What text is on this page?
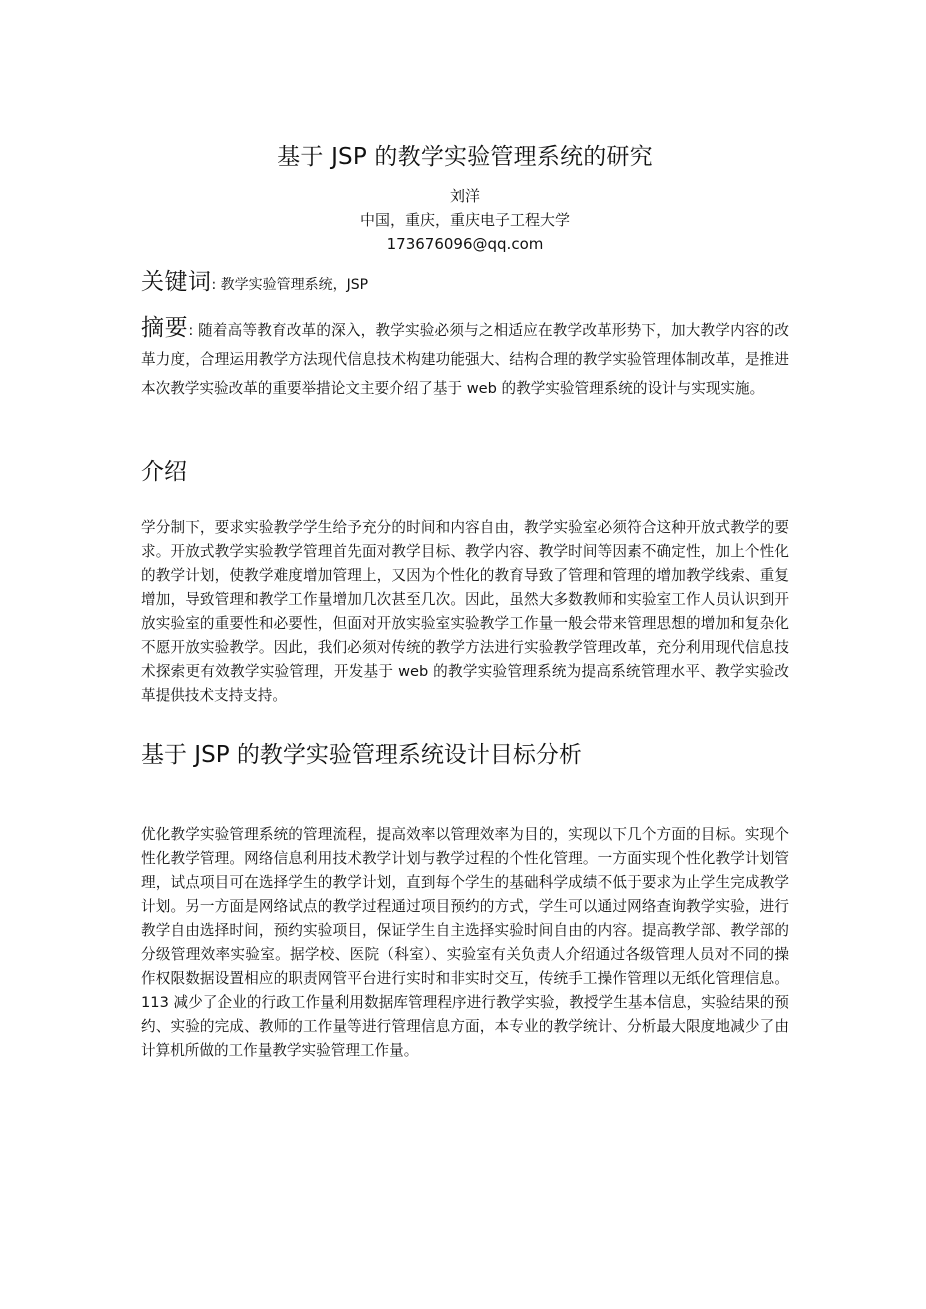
基于 JSP 的教学实验管理系统的研究
刘洋
中国，重庆，重庆电子工程大学
173676096@qq.com
关键词: 教学实验管理系统，JSP
摘要: 随着高等教育改革的深入，教学实验必须与之相适应在教学改革形势下，加大教学内容的改革力度，合理运用教学方法现代信息技术构建功能强大、结构合理的教学实验管理体制改革，是推进本次教学实验改革的重要举措论文主要介绍了基于 web 的教学实验管理系统的设计与实现实施。
介绍
学分制下，要求实验教学学生给予充分的时间和内容自由，教学实验室必须符合这种开放式教学的要求。开放式教学实验教学管理首先面对教学目标、教学内容、教学时间等因素不确定性，加上个性化的教学计划，使教学难度增加管理上，又因为个性化的教育导致了管理和管理的增加教学线索、重复增加，导致管理和教学工作量增加几次甚至几次。因此，虽然大多数教师和实验室工作人员认识到开放实验室的重要性和必要性，但面对开放实验室实验教学工作量一般会带来管理思想的增加和复杂化不愿开放实验教学。因此，我们必须对传统的教学方法进行实验教学管理改革，充分利用现代信息技术探索更有效教学实验管理，开发基于 web 的教学实验管理系统为提高系统管理水平、教学实验改革提供技术支持支持。
基于 JSP 的教学实验管理系统设计目标分析
优化教学实验管理系统的管理流程，提高效率以管理效率为目的，实现以下几个方面的目标。实现个性化教学管理。网络信息利用技术教学计划与教学过程的个性化管理。一方面实现个性化教学计划管理，试点项目可在选择学生的教学计划，直到每个学生的基础科学成绩不低于要求为止学生完成教学计划。另一方面是网络试点的教学过程通过项目预约的方式，学生可以通过网络查询教学实验，进行教学自由选择时间，预约实验项目，保证学生自主选择实验时间自由的内容。提高教学部、教学部的分级管理效率实验室。据学校、医院（科室）、实验室有关负责人介绍通过各级管理人员对不同的操作权限数据设置相应的职责网管平台进行实时和非实时交互，传统手工操作管理以无纸化管理信息。113 减少了企业的行政工作量利用数据库管理程序进行教学实验，教授学生基本信息，实验结果的预约、实验的完成、教师的工作量等进行管理信息方面，本专业的教学统计、分析最大限度地减少了由计算机所做的工作量教学实验管理工作量。
